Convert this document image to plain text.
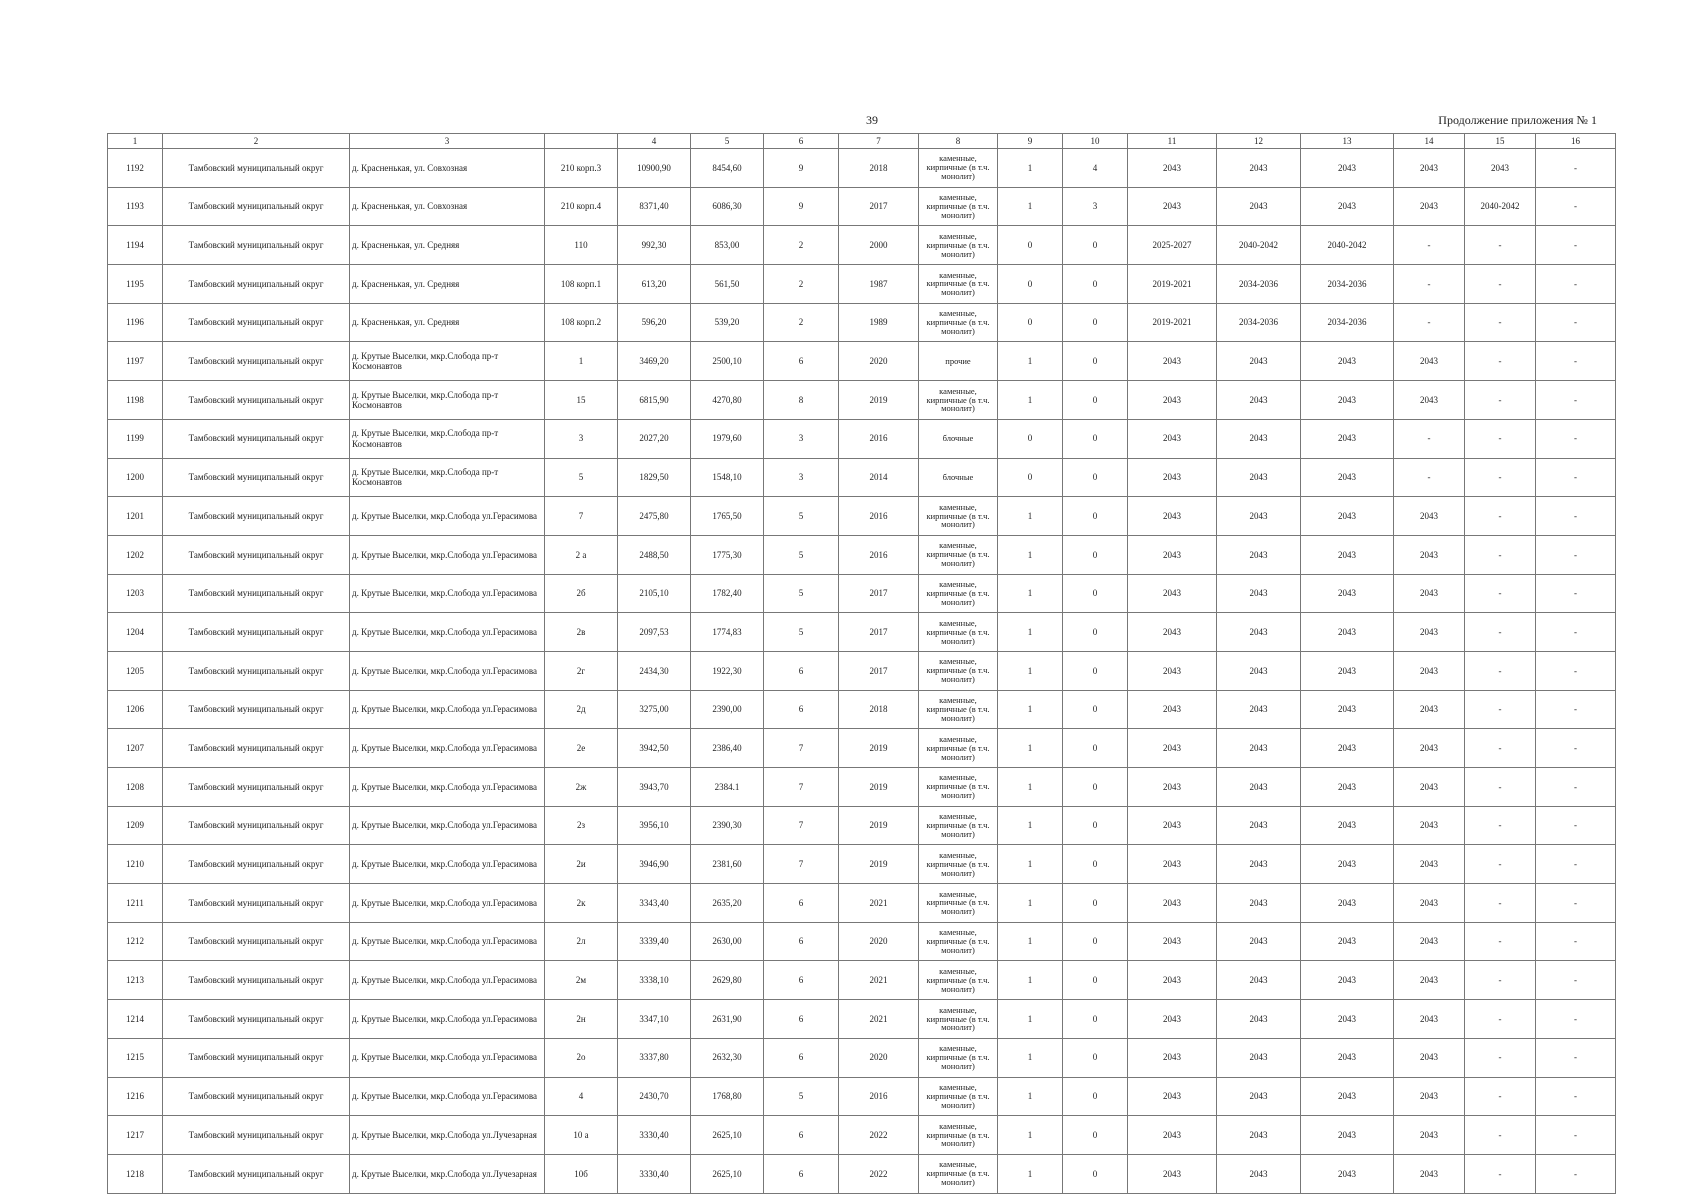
39	Продолжение приложения № 1
1	2	3		4	5	6	7	8	9	10	11	12	13	14	15	16
1192	Тамбовский муниципальный округ	д. Красненькая, ул. Совхозная	210 корп.3	10900,90	8454,60	9	2018	каменные, кирпичные (в т.ч. монолит)	1	4	2043	2043	2043	2043	2043	-
1193	Тамбовский муниципальный округ	д. Красненькая, ул. Совхозная	210 корп.4	8371,40	6086,30	9	2017	каменные, кирпичные (в т.ч. монолит)	1	3	2043	2043	2043	2043	2040-2042	-
1194	Тамбовский муниципальный округ	д. Красненькая, ул. Средняя	110	992,30	853,00	2	2000	каменные, кирпичные (в т.ч. монолит)	0	0	2025-2027	2040-2042	2040-2042	-	-	-
1195	Тамбовский муниципальный округ	д. Красненькая, ул. Средняя	108 корп.1	613,20	561,50	2	1987	каменные, кирпичные (в т.ч. монолит)	0	0	2019-2021	2034-2036	2034-2036	-	-	-
1196	Тамбовский муниципальный округ	д. Красненькая, ул. Средняя	108 корп.2	596,20	539,20	2	1989	каменные, кирпичные (в т.ч. монолит)	0	0	2019-2021	2034-2036	2034-2036	-	-	-
1197	Тамбовский муниципальный округ	д. Крутые Выселки, мкр.Слобода пр-т Космонавтов	1	3469,20	2500,10	6	2020	прочие	1	0	2043	2043	2043	2043	-	-
1198	Тамбовский муниципальный округ	д. Крутые Выселки, мкр.Слобода пр-т Космонавтов	15	6815,90	4270,80	8	2019	каменные, кирпичные (в т.ч. монолит)	1	0	2043	2043	2043	2043	-	-
1199	Тамбовский муниципальный округ	д. Крутые Выселки, мкр.Слобода пр-т Космонавтов	3	2027,20	1979,60	3	2016	блочные	0	0	2043	2043	2043	-	-	-
1200	Тамбовский муниципальный округ	д. Крутые Выселки, мкр.Слобода пр-т Космонавтов	5	1829,50	1548,10	3	2014	блочные	0	0	2043	2043	2043	-	-	-
1201	Тамбовский муниципальный округ	д. Крутые Выселки, мкр.Слобода ул.Герасимова	7	2475,80	1765,50	5	2016	каменные, кирпичные (в т.ч. монолит)	1	0	2043	2043	2043	2043	-	-
1202	Тамбовский муниципальный округ	д. Крутые Выселки, мкр.Слобода ул.Герасимова	2 а	2488,50	1775,30	5	2016	каменные, кирпичные (в т.ч. монолит)	1	0	2043	2043	2043	2043	-	-
1203	Тамбовский муниципальный округ	д. Крутые Выселки, мкр.Слобода ул.Герасимова	2б	2105,10	1782,40	5	2017	каменные, кирпичные (в т.ч. монолит)	1	0	2043	2043	2043	2043	-	-
1204	Тамбовский муниципальный округ	д. Крутые Выселки, мкр.Слобода ул.Герасимова	2в	2097,53	1774,83	5	2017	каменные, кирпичные (в т.ч. монолит)	1	0	2043	2043	2043	2043	-	-
1205	Тамбовский муниципальный округ	д. Крутые Выселки, мкр.Слобода ул.Герасимова	2г	2434,30	1922,30	6	2017	каменные, кирпичные (в т.ч. монолит)	1	0	2043	2043	2043	2043	-	-
1206	Тамбовский муниципальный округ	д. Крутые Выселки, мкр.Слобода ул.Герасимова	2д	3275,00	2390,00	6	2018	каменные, кирпичные (в т.ч. монолит)	1	0	2043	2043	2043	2043	-	-
1207	Тамбовский муниципальный округ	д. Крутые Выселки, мкр.Слобода ул.Герасимова	2е	3942,50	2386,40	7	2019	каменные, кирпичные (в т.ч. монолит)	1	0	2043	2043	2043	2043	-	-
1208	Тамбовский муниципальный округ	д. Крутые Выселки, мкр.Слобода ул.Герасимова	2ж	3943,70	2384.1	7	2019	каменные, кирпичные (в т.ч. монолит)	1	0	2043	2043	2043	2043	-	-
1209	Тамбовский муниципальный округ	д. Крутые Выселки, мкр.Слобода ул.Герасимова	2з	3956,10	2390,30	7	2019	каменные, кирпичные (в т.ч. монолит)	1	0	2043	2043	2043	2043	-	-
1210	Тамбовский муниципальный округ	д. Крутые Выселки, мкр.Слобода ул.Герасимова	2и	3946,90	2381,60	7	2019	каменные, кирпичные (в т.ч. монолит)	1	0	2043	2043	2043	2043	-	-
1211	Тамбовский муниципальный округ	д. Крутые Выселки, мкр.Слобода ул.Герасимова	2к	3343,40	2635,20	6	2021	каменные, кирпичные (в т.ч. монолит)	1	0	2043	2043	2043	2043	-	-
1212	Тамбовский муниципальный округ	д. Крутые Выселки, мкр.Слобода ул.Герасимова	2л	3339,40	2630,00	6	2020	каменные, кирпичные (в т.ч. монолит)	1	0	2043	2043	2043	2043	-	-
1213	Тамбовский муниципальный округ	д. Крутые Выселки, мкр.Слобода ул.Герасимова	2м	3338,10	2629,80	6	2021	каменные, кирпичные (в т.ч. монолит)	1	0	2043	2043	2043	2043	-	-
1214	Тамбовский муниципальный округ	д. Крутые Выселки, мкр.Слобода ул.Герасимова	2н	3347,10	2631,90	6	2021	каменные, кирпичные (в т.ч. монолит)	1	0	2043	2043	2043	2043	-	-
1215	Тамбовский муниципальный округ	д. Крутые Выселки, мкр.Слобода ул.Герасимова	2о	3337,80	2632,30	6	2020	каменные, кирпичные (в т.ч. монолит)	1	0	2043	2043	2043	2043	-	-
1216	Тамбовский муниципальный округ	д. Крутые Выселки, мкр.Слобода ул.Герасимова	4	2430,70	1768,80	5	2016	каменные, кирпичные (в т.ч. монолит)	1	0	2043	2043	2043	2043	-	-
1217	Тамбовский муниципальный округ	д. Крутые Выселки, мкр.Слобода ул.Лучезарная	10 а	3330,40	2625,10	6	2022	каменные, кирпичные (в т.ч. монолит)	1	0	2043	2043	2043	2043	-	-
1218	Тамбовский муниципальный округ	д. Крутые Выселки, мкр.Слобода ул.Лучезарная	10б	3330,40	2625,10	6	2022	каменные, кирпичные (в т.ч. монолит)	1	0	2043	2043	2043	2043	-	-
